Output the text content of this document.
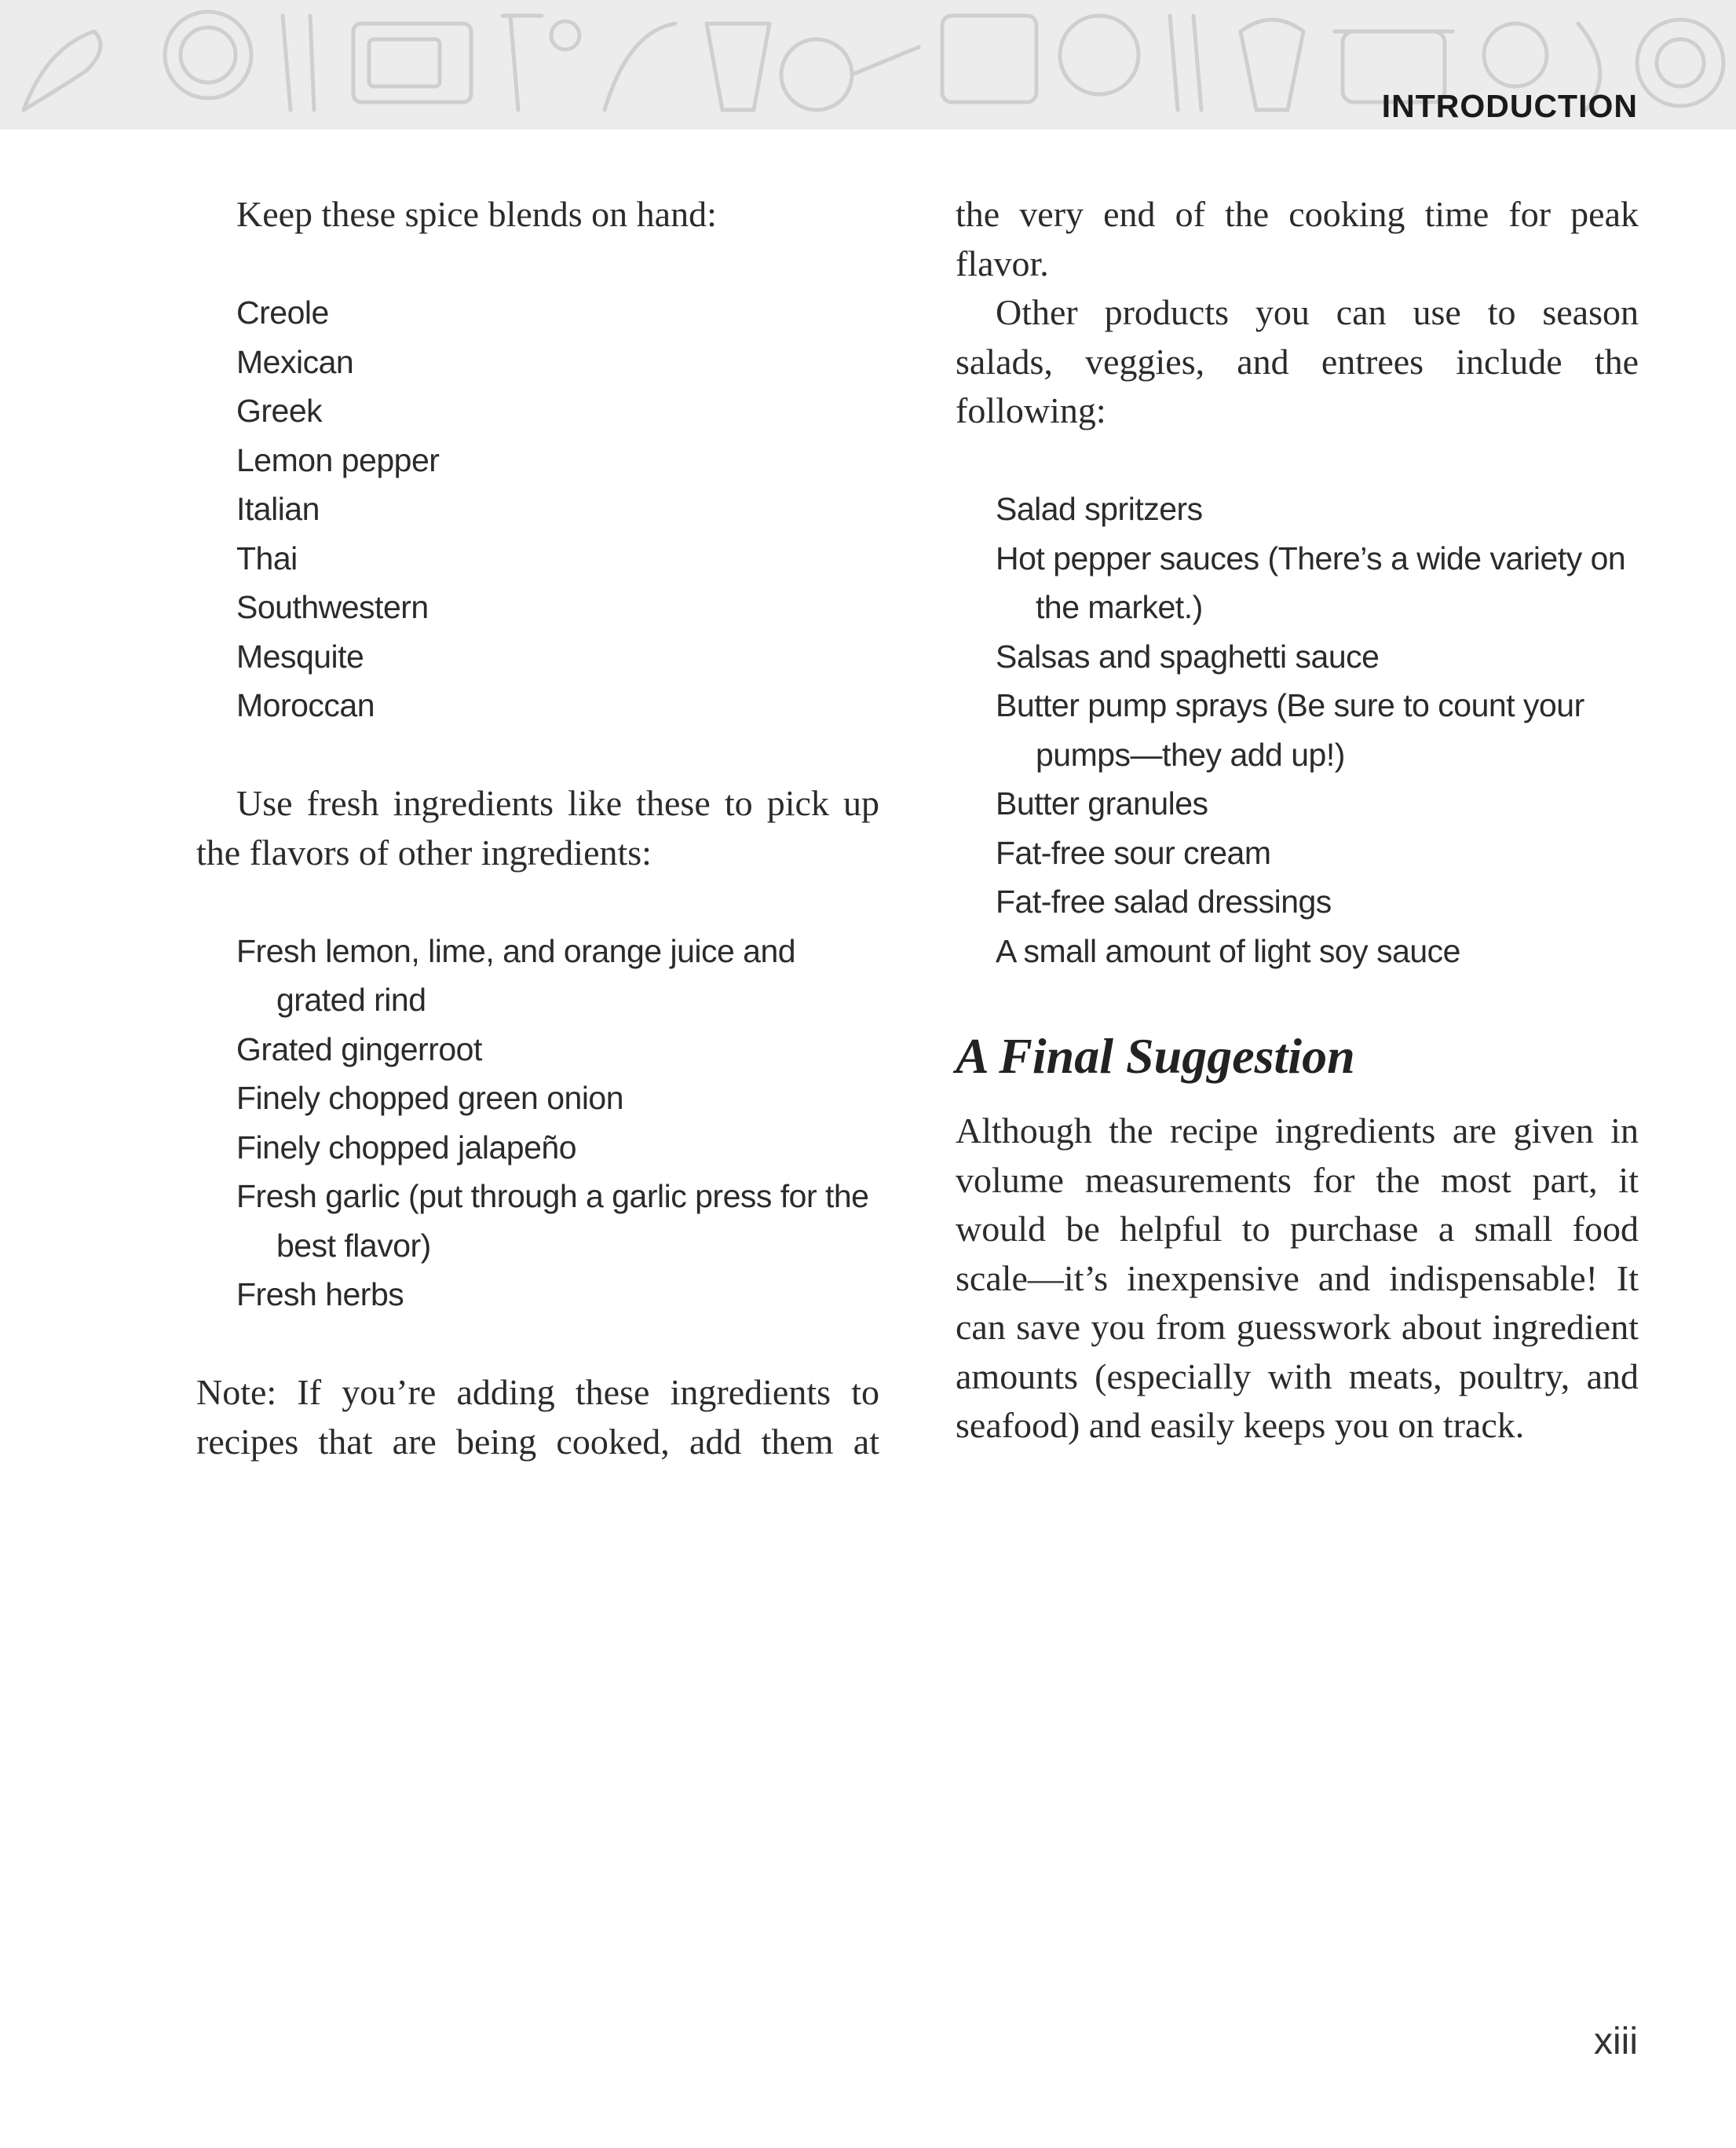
INTRODUCTION

Keep these spice blends on hand:

Creole
Mexican
Greek
Lemon pepper
Italian
Thai
Southwestern
Mesquite
Moroccan

Use fresh ingredients like these to pick up the flavors of other ingredients:

Fresh lemon, lime, and orange juice and grated rind
Grated gingerroot
Finely chopped green onion
Finely chopped jalapeño
Fresh garlic (put through a garlic press for the best flavor)
Fresh herbs

Note: If you’re adding these ingredients to recipes that are being cooked, add them at

the very end of the cooking time for peak flavor.

Other products you can use to season salads, veggies, and entrees include the following:

Salad spritzers
Hot pepper sauces (There’s a wide variety on the market.)
Salsas and spaghetti sauce
Butter pump sprays (Be sure to count your pumps—they add up!)
Butter granules
Fat-free sour cream
Fat-free salad dressings
A small amount of light soy sauce
A Final Suggestion

Although the recipe ingredients are given in volume measurements for the most part, it would be helpful to purchase a small food scale—it’s inexpensive and indispensable! It can save you from guesswork about ingredient amounts (especially with meats, poultry, and seafood) and easily keeps you on track.

xiii
